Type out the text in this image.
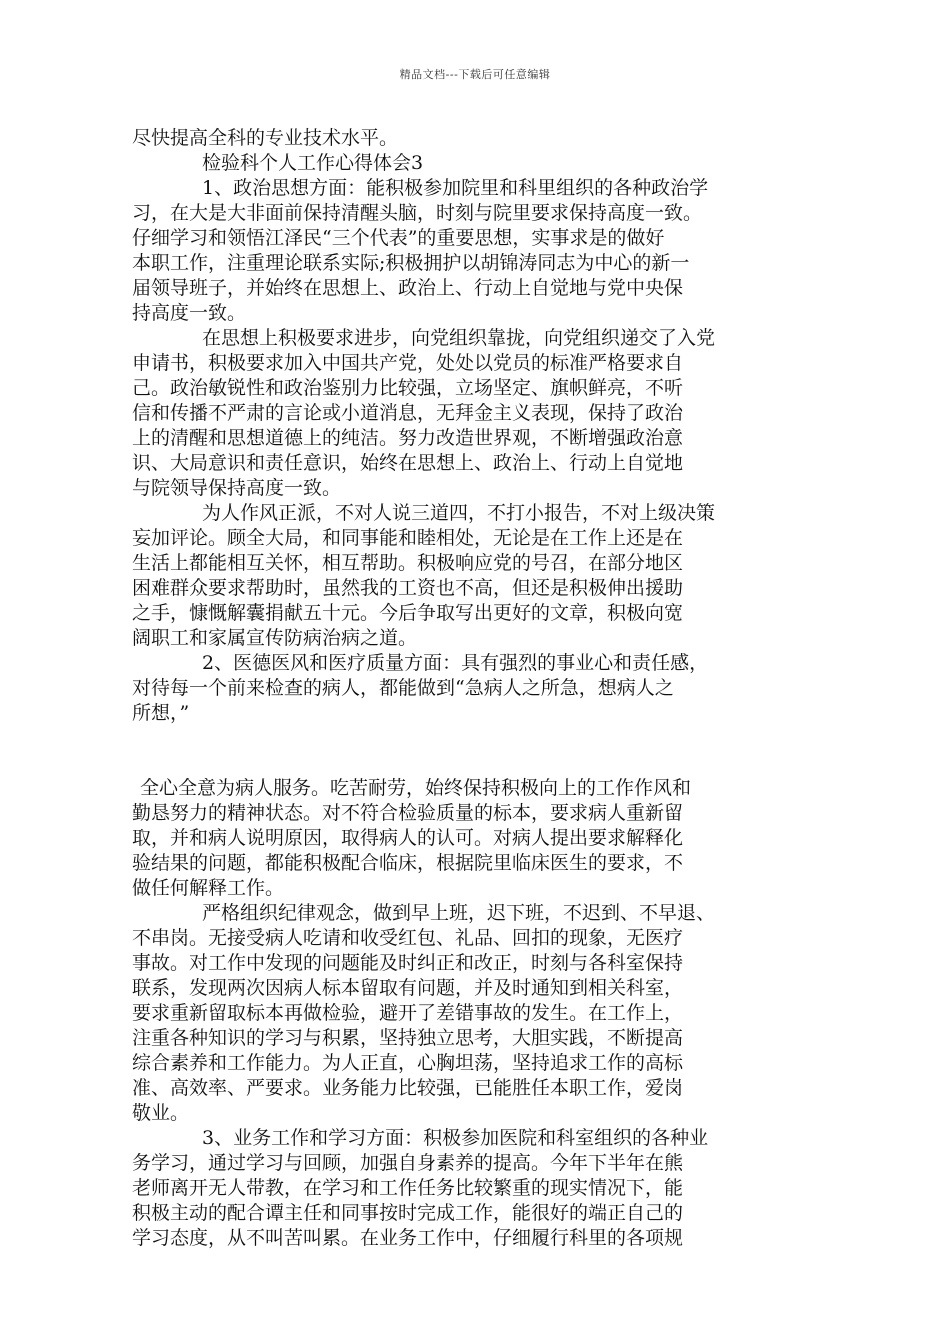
精品文档---下载后可任意编辑
尽快提高全科的专业技术水平。
检验科个人工作心得体会3
1、政治思想方面：能积极参加院里和科里组织的各种政治学
习，在大是大非面前保持清醒头脑，时刻与院里要求保持高度一致。
仔细学习和领悟江泽民“三个代表”的重要思想，实事求是的做好
本职工作，注重理论联系实际;积极拥护以胡锦涛同志为中心的新一
届领导班子，并始终在思想上、政治上、行动上自觉地与党中央保
持高度一致。
在思想上积极要求进步，向党组织靠拢，向党组织递交了入党
申请书，积极要求加入中国共产党，处处以党员的标准严格要求自
己。政治敏锐性和政治鉴别力比较强，立场坚定、旗帜鲜亮，不听
信和传播不严肃的言论或小道消息，无拜金主义表现，保持了政治
上的清醒和思想道德上的纯洁。努力改造世界观，不断增强政治意
识、大局意识和责任意识，始终在思想上、政治上、行动上自觉地
与院领导保持高度一致。
为人作风正派，不对人说三道四，不打小报告，不对上级决策
妄加评论。顾全大局，和同事能和睦相处，无论是在工作上还是在
生活上都能相互关怀，相互帮助。积极响应党的号召，在部分地区
困难群众要求帮助时，虽然我的工资也不高，但还是积极伸出援助
之手，慷慨解囊捐献五十元。今后争取写出更好的文章，积极向宽
阔职工和家属宣传防病治病之道。
2、医德医风和医疗质量方面：具有强烈的事业心和责任感，
对待每一个前来检查的病人，都能做到“急病人之所急，想病人之
所想，”
全心全意为病人服务。吃苦耐劳，始终保持积极向上的工作作风和
勤恳努力的精神状态。对不符合检验质量的标本，要求病人重新留
取，并和病人说明原因，取得病人的认可。对病人提出要求解释化
验结果的问题，都能积极配合临床，根据院里临床医生的要求，不
做任何解释工作。
严格组织纪律观念，做到早上班，迟下班，不迟到、不早退、
不串岗。无接受病人吃请和收受红包、礼品、回扣的现象，无医疗
事故。对工作中发现的问题能及时纠正和改正，时刻与各科室保持
联系，发现两次因病人标本留取有问题，并及时通知到相关科室，
要求重新留取标本再做检验，避开了差错事故的发生。在工作上，
注重各种知识的学习与积累，坚持独立思考，大胆实践，不断提高
综合素养和工作能力。为人正直，心胸坦荡，坚持追求工作的高标
准、高效率、严要求。业务能力比较强，已能胜任本职工作，爱岗
敬业。
3、业务工作和学习方面：积极参加医院和科室组织的各种业
务学习，通过学习与回顾，加强自身素养的提高。今年下半年在熊
老师离开无人带教，在学习和工作任务比较繁重的现实情况下，能
积极主动的配合谭主任和同事按时完成工作，能很好的端正自己的
学习态度，从不叫苦叫累。在业务工作中，仔细履行科里的各项规
